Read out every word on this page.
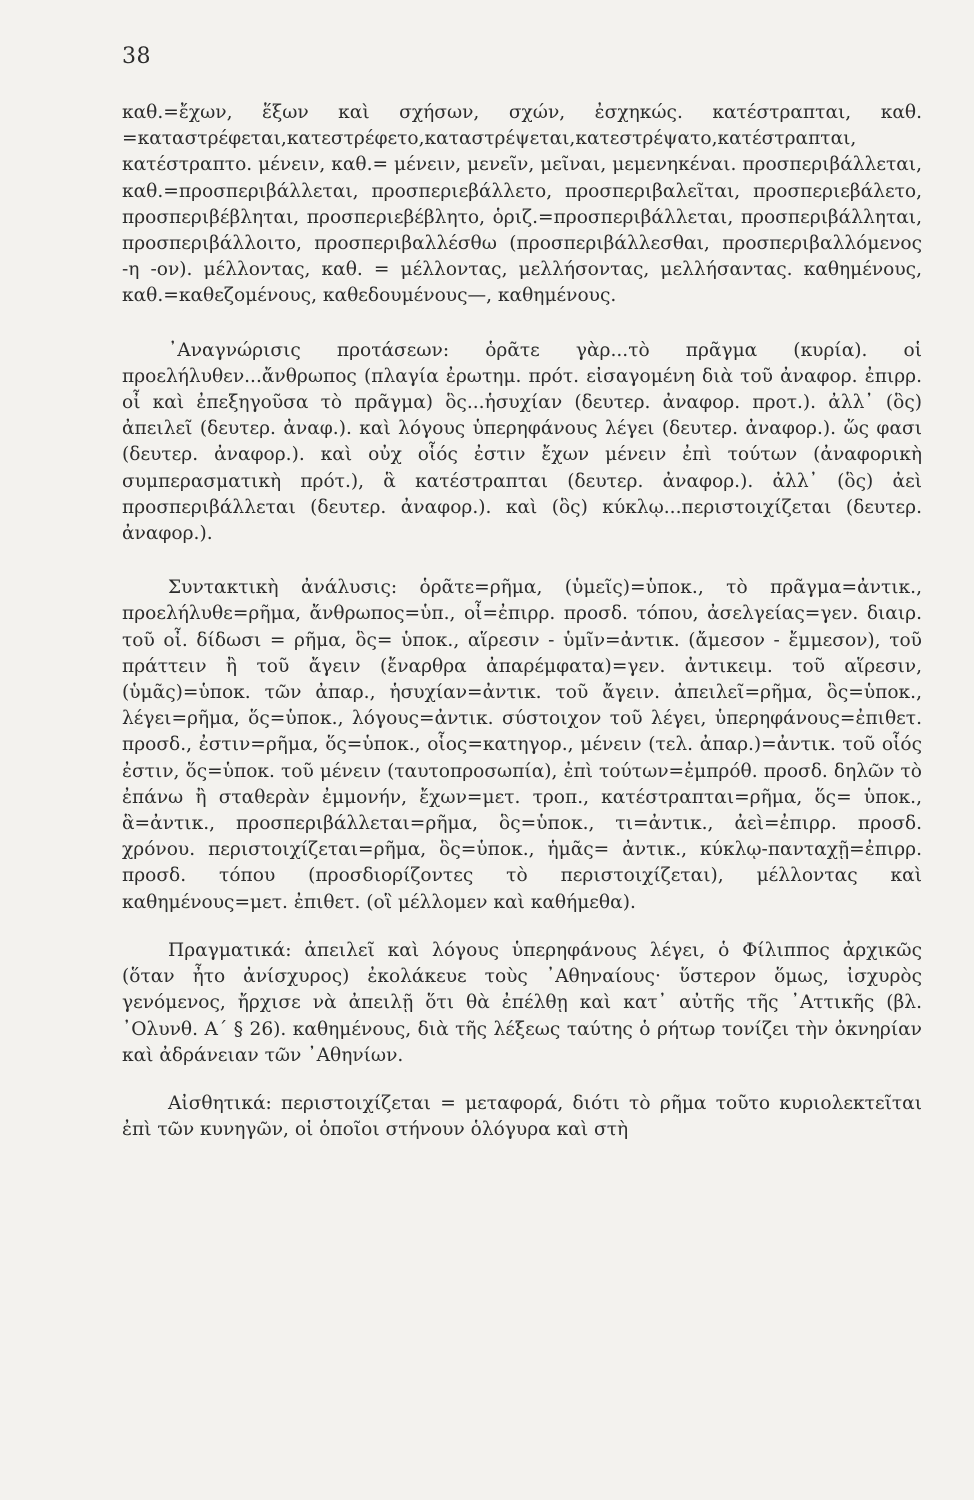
38

καθ.=ἔχων, ἕξων καὶ σχήσων, σχών, ἐσχηκώς. κατέστραπται, καθ. =καταστρέφεται,κατεστρέφετο,καταστρέψεται,κατεστρέψατο,κατέστραπται, κατέστραπτο. μένειν, καθ.= μένειν, μενεῖν, μεῖναι, μεμενηκέναι. προσπεριβάλλεται, καθ.=προσπεριβάλλεται, προσπεριεβάλλετο, προσπεριβαλεῖται, προσπεριεβάλετο, προσπεριβέβληται, προσπεριεβέβλητο, ὁριζ.=προσπεριβάλλεται, προσπεριβάλληται, προσπεριβάλλοιτο, προσπεριβαλλέσθω (προσπεριβάλλεσθαι, προσπεριβαλλόμενος -η -ον). μέλλοντας, καθ. = μέλλοντας, μελλήσοντας, μελλήσαντας. καθημένους, καθ.=καθεζομένους, καθεδουμένους—, καθημένους.

᾿Αναγνώρισις προτάσεων: ὁρᾶτε γὰρ...τὸ πρᾶγμα (κυρία). οἱ προελήλυθεν...ἄνθρωπος (πλαγία ἐρωτημ. πρότ. εἰσαγομένη διὰ τοῦ ἀναφορ. ἐπιρρ. οἶ καὶ ἐπεξηγοῦσα τὸ πρᾶγμα) ὃς...ἡσυχίαν (δευτερ. ἀναφορ. προτ.). ἀλλ᾿ (ὃς) ἀπειλεῖ (δευτερ. ἀναφ.). καὶ λόγους ὑπερηφάνους λέγει (δευτερ. ἀναφορ.). ὥς φασι (δευτερ. ἀναφορ.). καὶ οὐχ οἷός ἐστιν ἔχων μένειν ἐπὶ τούτων (ἀναφορικὴ συμπερασματικὴ πρότ.), ἃ κατέστραπται (δευτερ. ἀναφορ.). ἀλλ᾿ (ὃς) ἀεὶ προσπεριβάλλεται (δευτερ. ἀναφορ.). καὶ (ὃς) κύκλῳ...περιστοιχίζεται (δευτερ. ἀναφορ.).

Συντακτικὴ ἀνάλυσις: ὁρᾶτε=ρῆμα, (ὑμεῖς)=ὑποκ., τὸ πρᾶγμα=ἀντικ., προελήλυθε=ρῆμα, ἄνθρωπος=ὑπ., οἶ=ἐπιρρ. προσδ. τόπου, ἀσελγείας=γεν. διαιρ. τοῦ οἶ. δίδωσι = ρῆμα, ὃς= ὑποκ., αἵρεσιν - ὑμῖν=ἀντικ. (ἄμεσον - ἔμμεσον), τοῦ πράττειν ἢ τοῦ ἄγειν (ἔναρθρα ἀπαρέμφατα)=γεν. ἀντικειμ. τοῦ αἵρεσιν, (ὑμᾶς)=ὑποκ. τῶν ἀπαρ., ἡσυχίαν=ἀντικ. τοῦ ἄγειν. ἀπειλεῖ=ρῆμα, ὃς=ὑποκ., λέγει=ρῆμα, ὅς=ὑποκ., λόγους=ἀντικ. σύστοιχον τοῦ λέγει, ὑπερηφάνους=ἐπιθετ. προσδ., ἐστιν=ρῆμα, ὅς=ὑποκ., οἷος=κατηγορ., μένειν (τελ. ἀπαρ.)=ἀντικ. τοῦ οἷός ἐστιν, ὅς=ὑποκ. τοῦ μένειν (ταυτοπροσωπία), ἐπὶ τούτων=ἐμπρόθ. προσδ. δηλῶν τὸ ἐπάνω ἢ σταθερὰν ἐμμονήν, ἔχων=μετ. τροπ., κατέστραπται=ρῆμα, ὅς= ὑποκ., ἃ=ἀντικ., προσπεριβάλλεται=ρῆμα, ὃς=ὑποκ., τι=ἀντικ., ἀεὶ=ἐπιρρ. προσδ. χρόνου. περιστοιχίζεται=ρῆμα, ὃς=ὑποκ., ἡμᾶς= ἀντικ., κύκλῳ-πανταχῇ=ἐπιρρ. προσδ. τόπου (προσδιορίζοντες τὸ περιστοιχίζεται), μέλλοντας καὶ καθημένους=μετ. ἐπιθετ. (οἳ μέλλομεν καὶ καθήμεθα).

Πραγματικά: ἀπειλεῖ καὶ λόγους ὑπερηφάνους λέγει, ὁ Φίλιππος ἀρχικῶς (ὅταν ἦτο ἀνίσχυρος) ἐκολάκευε τοὺς ᾿Αθηναίους· ὕστερον ὅμως, ἰσχυρὸς γενόμενος, ἤρχισε νὰ ἀπειλῇ ὅτι θὰ ἐπέλθῃ καὶ κατ᾿ αὐτῆς τῆς ᾿Αττικῆς (βλ. ᾿Ολυνθ. Α΄ § 26). καθημένους, διὰ τῆς λέξεως ταύτης ὁ ρήτωρ τονίζει τὴν ὀκνηρίαν καὶ ἀδράνειαν τῶν ᾿Αθηνίων.

Αἰσθητικά: περιστοιχίζεται = μεταφορά, διότι τὸ ρῆμα τοῦτο κυριολεκτεῖται ἐπὶ τῶν κυνηγῶν, οἱ ὁποῖοι στήνουν ὁλόγυρα καὶ στὴ
